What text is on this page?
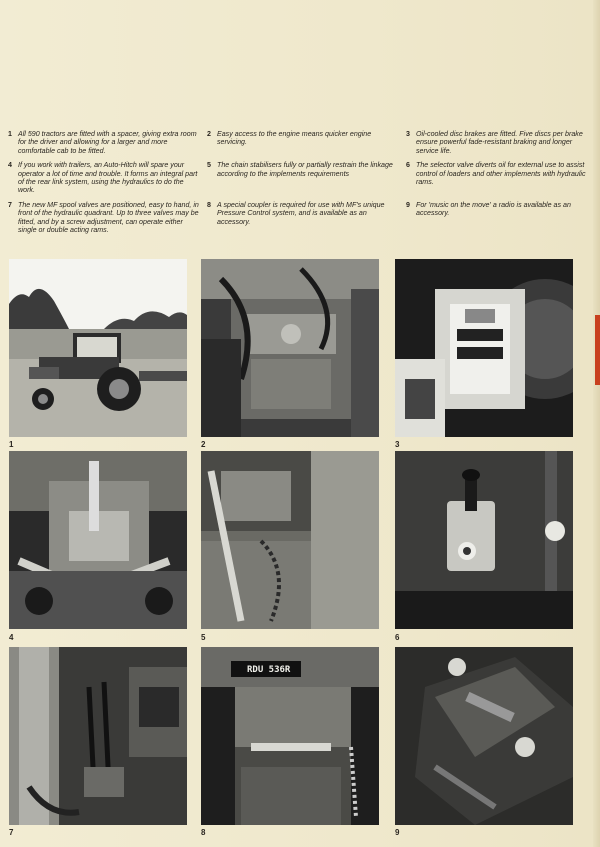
1 All 590 tractors are fitted with a spacer, giving extra room for the driver and allowing for a larger and more comfortable cab to be fitted.
2 Easy access to the engine means quicker engine servicing.
3 Oil-cooled disc brakes are fitted. Five discs per brake ensure powerful fade-resistant braking and longer service life.
4 If you work with trailers, an Auto-Hitch will spare your operator a lot of time and trouble. It forms an integral part of the rear link system, using the hydraulics to do the work.
5 The chain stabilisers fully or partially restrain the linkage according to the implements requirements
6 The selector valve diverts oil for external use to assist control of loaders and other implements with hydraulic rams.
7 The new MF spool valves are positioned, easy to hand, in front of the hydraulic quadrant. Up to three valves may be fitted, and by a screw adjustment, can operate either single or double acting rams.
8 A special coupler is required for use with MF's unique Pressure Control system, and is available as an accessory.
9 For 'music on the move' a radio is available as an accessory.
RDU 536R
1	2	3
4	5	6
7	8	9
